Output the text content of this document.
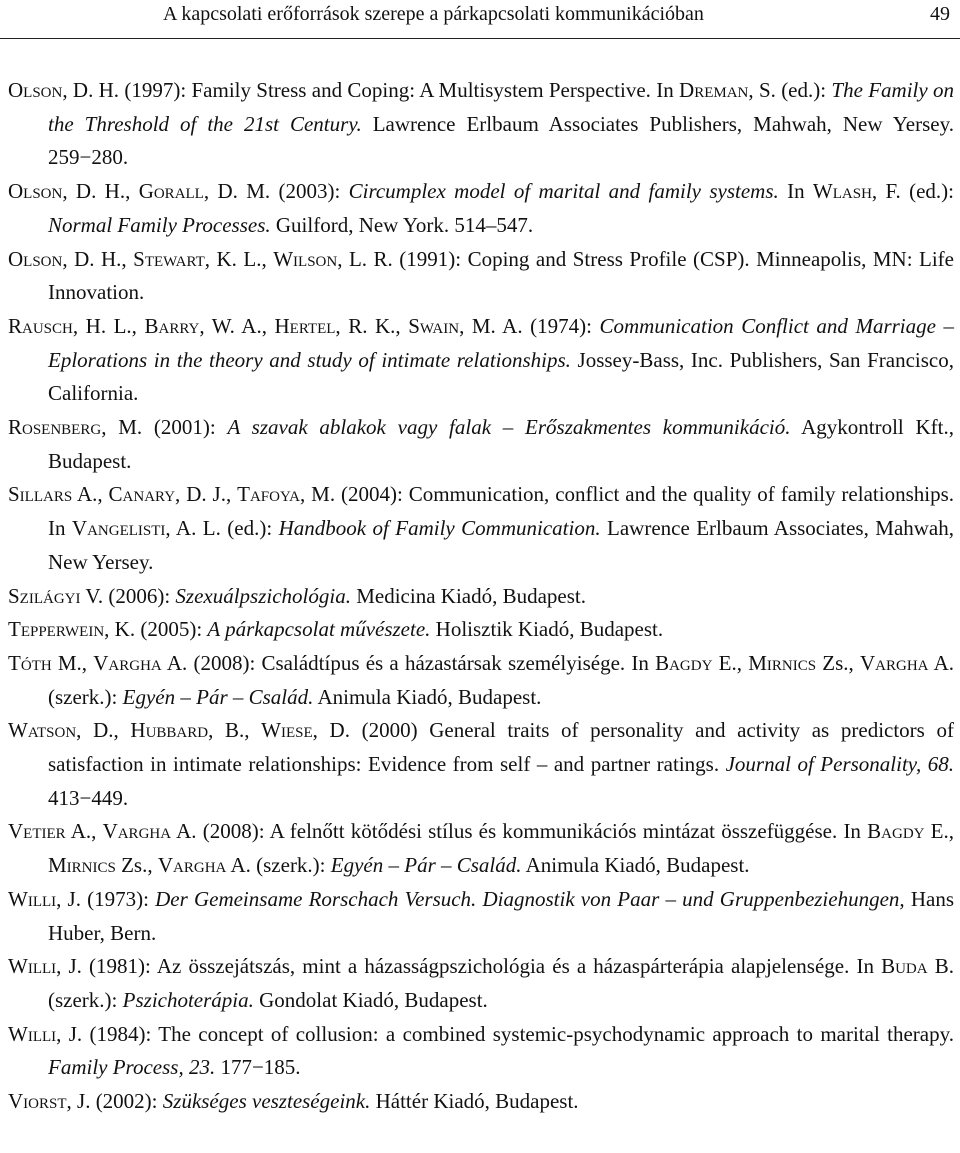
A kapcsolati erőforrások szerepe a párkapcsolati kommunikációban	49
Olson, D. H. (1997): Family Stress and Coping: A Multisystem Perspective. In Dreman, S. (ed.): The Family on the Threshold of the 21st Century. Lawrence Erlbaum Associates Publishers, Mahwah, New Yersey. 259−280.
Olson, D. H., Gorall, D. M. (2003): Circumplex model of marital and family systems. In Wlash, F. (ed.): Normal Family Processes. Guilford, New York. 514–547.
Olson, D. H., Stewart, K. L., Wilson, L. R. (1991): Coping and Stress Profile (CSP). Minneapolis, MN: Life Innovation.
Rausch, H. L., Barry, W. A., Hertel, R. K., Swain, M. A. (1974): Communication Conflict and Marriage – Eplorations in the theory and study of intimate relationships. Jossey-Bass, Inc. Publishers, San Francisco, California.
Rosenberg, M. (2001): A szavak ablakok vagy falak – Erőszakmentes kommunikáció. Agykontroll Kft., Budapest.
Sillars A., Canary, D. J., Tafoya, M. (2004): Communication, conflict and the quality of family relationships. In Vangelisti, A. L. (ed.): Handbook of Family Communication. Lawrence Erlbaum Associates, Mahwah, New Yersey.
Szilágyi V. (2006): Szexuálpszichológia. Medicina Kiadó, Budapest.
Tepperwein, K. (2005): A párkapcsolat művészete. Holisztik Kiadó, Budapest.
Tóth M., Vargha A. (2008): Családtípus és a házastársak személyisége. In Bagdy E., Mirnics Zs., Vargha A. (szerk.): Egyén – Pár – Család. Animula Kiadó, Budapest.
Watson, D., Hubbard, B., Wiese, D. (2000) General traits of personality and activity as predictors of satisfaction in intimate relationships: Evidence from self – and partner ratings. Journal of Personality, 68. 413−449.
Vetier A., Vargha A. (2008): A felnőtt kötődési stílus és kommunikációs mintázat összefüggése. In Bagdy E., Mirnics Zs., Vargha A. (szerk.): Egyén – Pár – Család. Animula Kiadó, Budapest.
Willi, J. (1973): Der Gemeinsame Rorschach Versuch. Diagnostik von Paar – und Gruppenbeziehungen, Hans Huber, Bern.
Willi, J. (1981): Az összejátszás, mint a házasságpszichológia és a házaspárterápia alapjelensége. In Buda B. (szerk.): Pszichoterápia. Gondolat Kiadó, Budapest.
Willi, J. (1984): The concept of collusion: a combined systemic-psychodynamic approach to marital therapy. Family Process, 23. 177−185.
Viorst, J. (2002): Szükséges veszteségeink. Háttér Kiadó, Budapest.
